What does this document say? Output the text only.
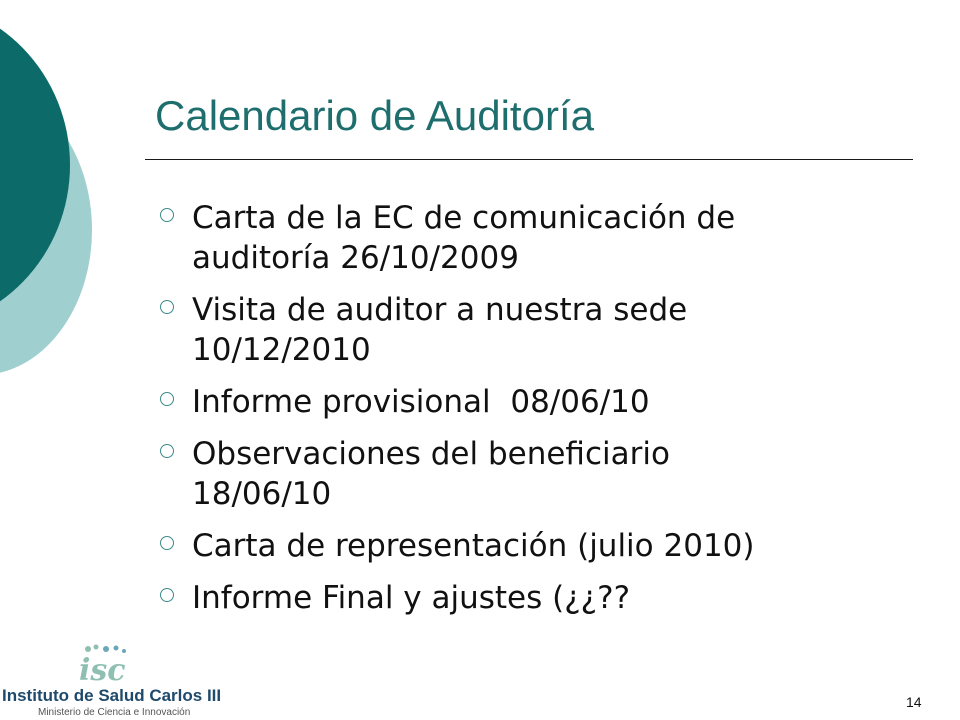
Calendario de Auditoría
Carta de la EC de comunicación de
auditoría 26/10/2009
Visita de auditor a nuestra sede
10/12/2010
Informe provisional  08/06/10
Observaciones del beneficiario
18/06/10
Carta de representación (julio 2010)
Informe Final y ajustes (¿¿??
isc
Instituto de Salud Carlos III
Ministerio de Ciencia e Innovación
14
